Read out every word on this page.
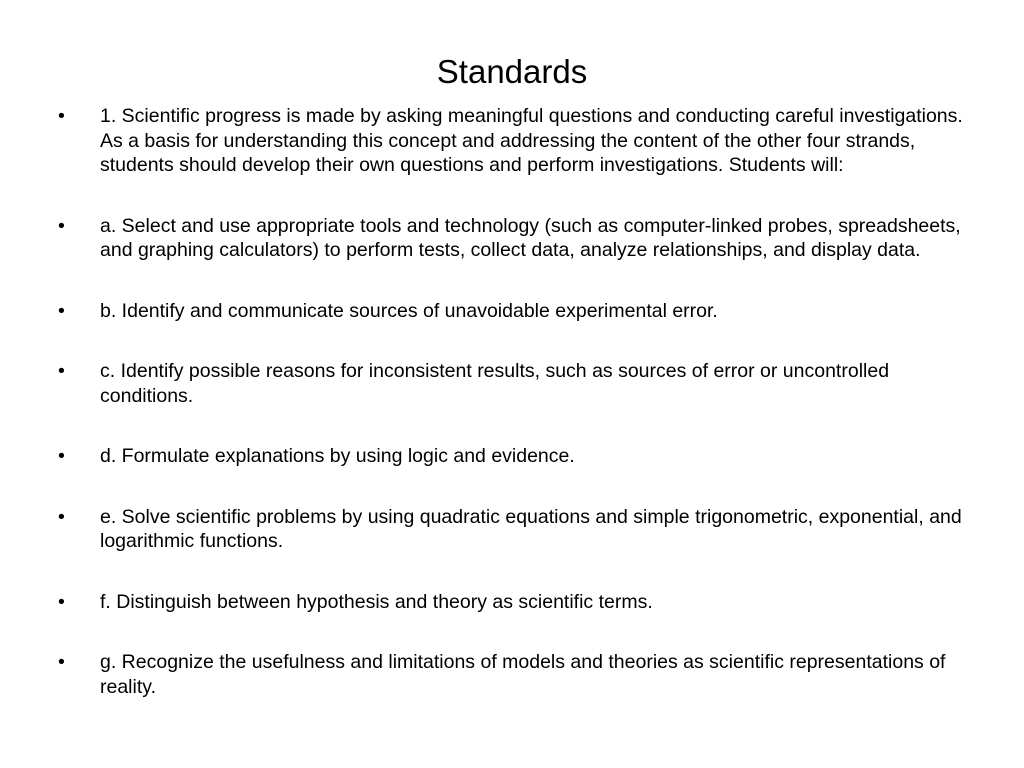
Standards
•	1. Scientific progress is made by asking meaningful questions and conducting careful investigations. As a basis for understanding this concept and addressing the content of the other four strands, students should develop their own questions and perform investigations. Students will:
•	a. Select and use appropriate tools and technology (such as computer-linked probes, spreadsheets, and graphing calculators) to perform tests, collect data, analyze relationships, and display data.
•	b. Identify and communicate sources of unavoidable experimental error.
•	c. Identify possible reasons for inconsistent results, such as sources of error or uncontrolled conditions.
•	d. Formulate explanations by using logic and evidence.
•	e. Solve scientific problems by using quadratic equations and simple trigonometric, exponential, and logarithmic functions.
•	f. Distinguish between hypothesis and theory as scientific terms.
•	g. Recognize the usefulness and limitations of models and theories as scientific representations of reality.
